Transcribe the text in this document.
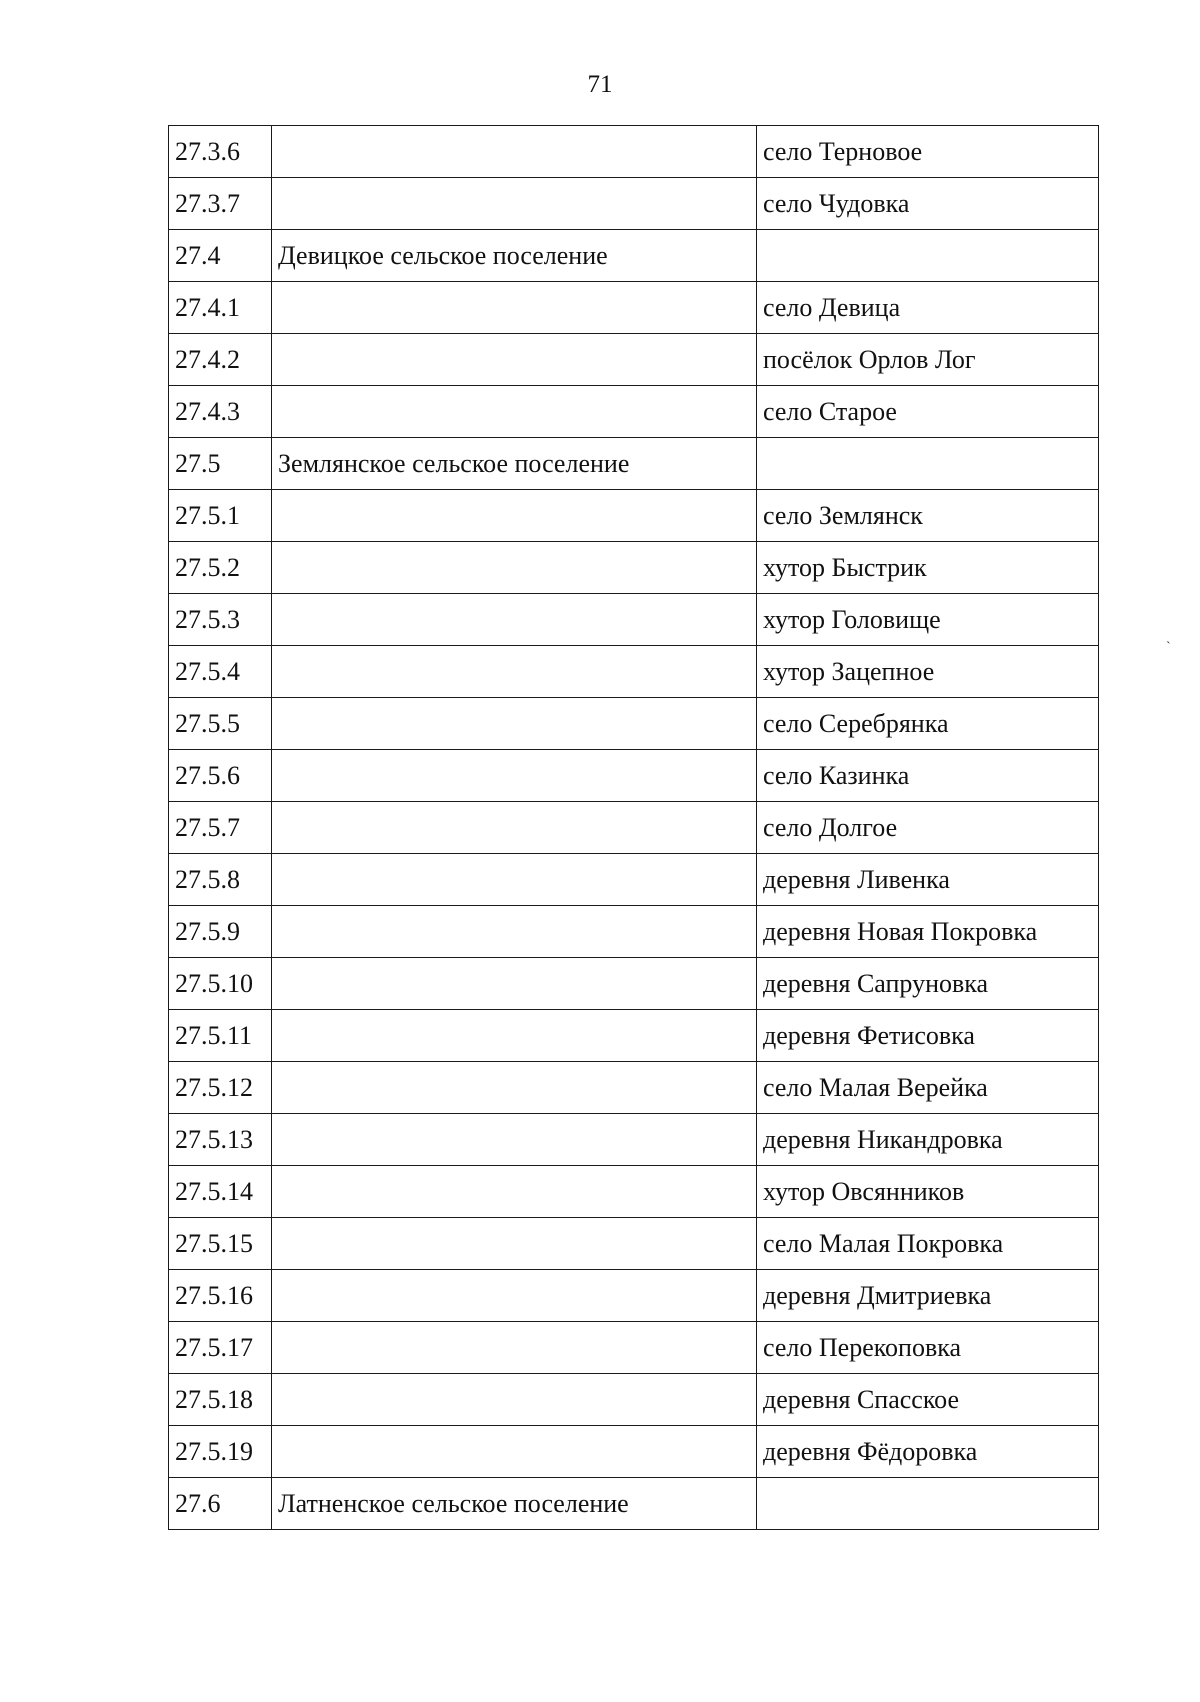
71
27.3.6		село Терновое
27.3.7		село Чудовка
27.4	Девицкое сельское поселение	
27.4.1		село Девица
27.4.2		посёлок Орлов Лог
27.4.3		село Старое
27.5	Землянское сельское поселение	
27.5.1		село Землянск
27.5.2		хутор Быстрик
27.5.3		хутор Головище
27.5.4		хутор Зацепное
27.5.5		село Серебрянка
27.5.6		село Казинка
27.5.7		село Долгое
27.5.8		деревня Ливенка
27.5.9		деревня Новая Покровка
27.5.10		деревня Сапруновка
27.5.11		деревня Фетисовка
27.5.12		село Малая Верейка
27.5.13		деревня Никандровка
27.5.14		хутор Овсянников
27.5.15		село Малая Покровка
27.5.16		деревня Дмитриевка
27.5.17		село Перекоповка
27.5.18		деревня Спасское
27.5.19		деревня Фёдоровка
27.6	Латненское сельское поселение	
ˋ
